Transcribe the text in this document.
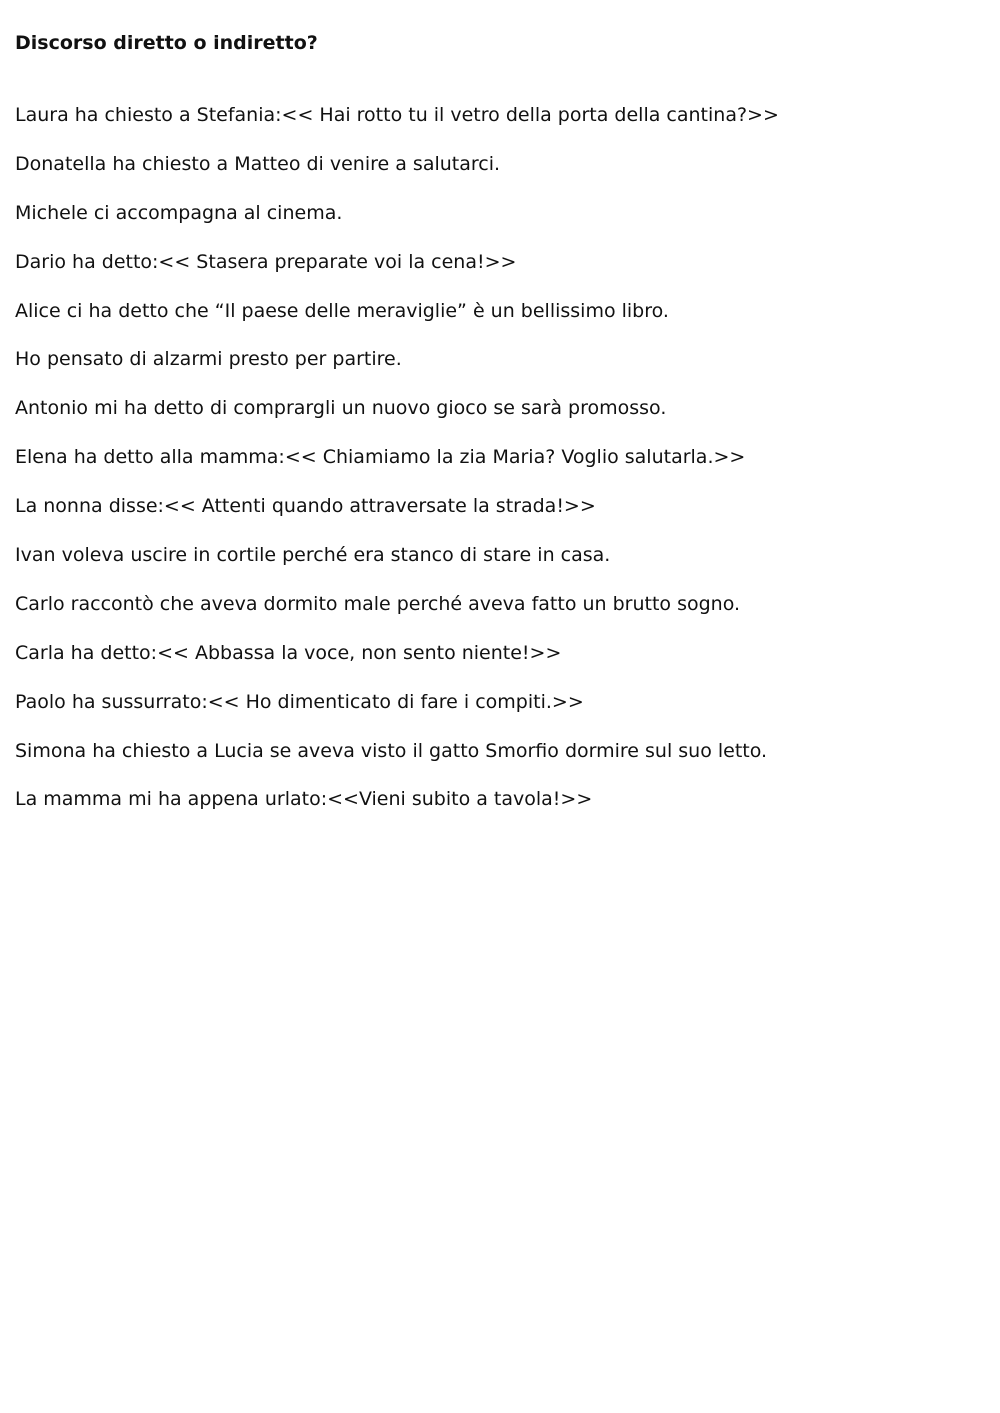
Discorso diretto o indiretto?
Laura ha chiesto a Stefania:<< Hai rotto tu il vetro della porta della cantina?>>
Donatella ha chiesto a Matteo di venire a salutarci.
Michele ci accompagna al cinema.
Dario ha detto:<< Stasera preparate voi la cena!>>
Alice ci ha detto che “Il paese delle meraviglie” è un bellissimo libro.
Ho pensato di alzarmi presto per partire.
Antonio mi ha detto di comprargli un nuovo gioco se sarà promosso.
Elena ha detto alla mamma:<< Chiamiamo la zia Maria? Voglio salutarla.>>
La nonna disse:<< Attenti quando attraversate la strada!>>
Ivan voleva uscire in cortile perché era stanco di stare in casa.
Carlo raccontò che aveva dormito male perché aveva fatto un brutto sogno.
Carla ha detto:<< Abbassa la voce, non sento niente!>>
Paolo ha sussurrato:<< Ho dimenticato di fare i compiti.>>
Simona ha chiesto a Lucia se aveva visto il gatto Smorfio dormire sul suo letto.
La mamma mi ha appena urlato:<<Vieni subito a tavola!>>
